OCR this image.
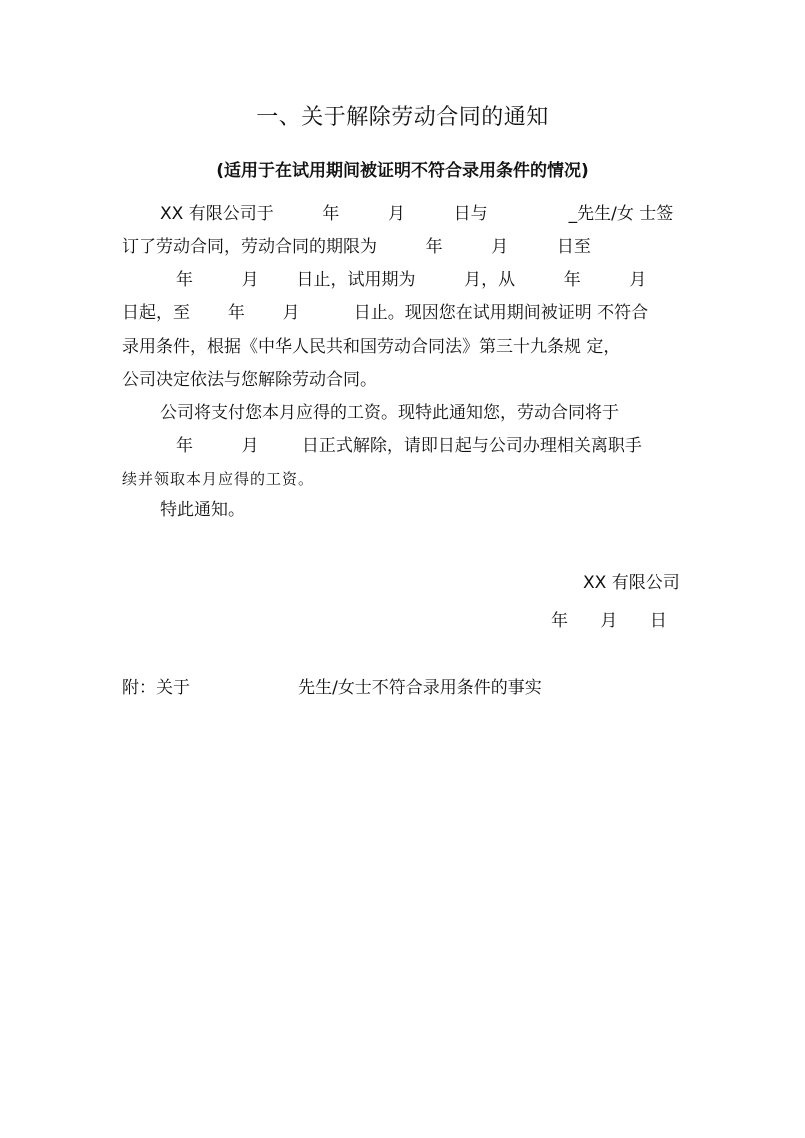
一、关于解除劳动合同的通知
(适用于在试用期间被证明不符合录用条件的情况)
XX 有限公司于         年         月         日与               _先生/女 士签
订了劳动合同，劳动合同的期限为         年         月         日至
年         月       日止，试用期为         月，从         年         月
日起，至       年       月          日止。现因您在试用期间被证明 不符合
录用条件，根据《中华人民共和国劳动合同法》第三十九条规 定，
公司决定依法与您解除劳动合同。
公司将支付您本月应得的工资。现特此通知您，劳动合同将于
年         月        日正式解除，请即日起与公司办理相关离职手
续并领取本月应得的工资。
特此通知。
XX 有限公司
年      月      日
附：关于                    先生/女士不符合录用条件的事实
